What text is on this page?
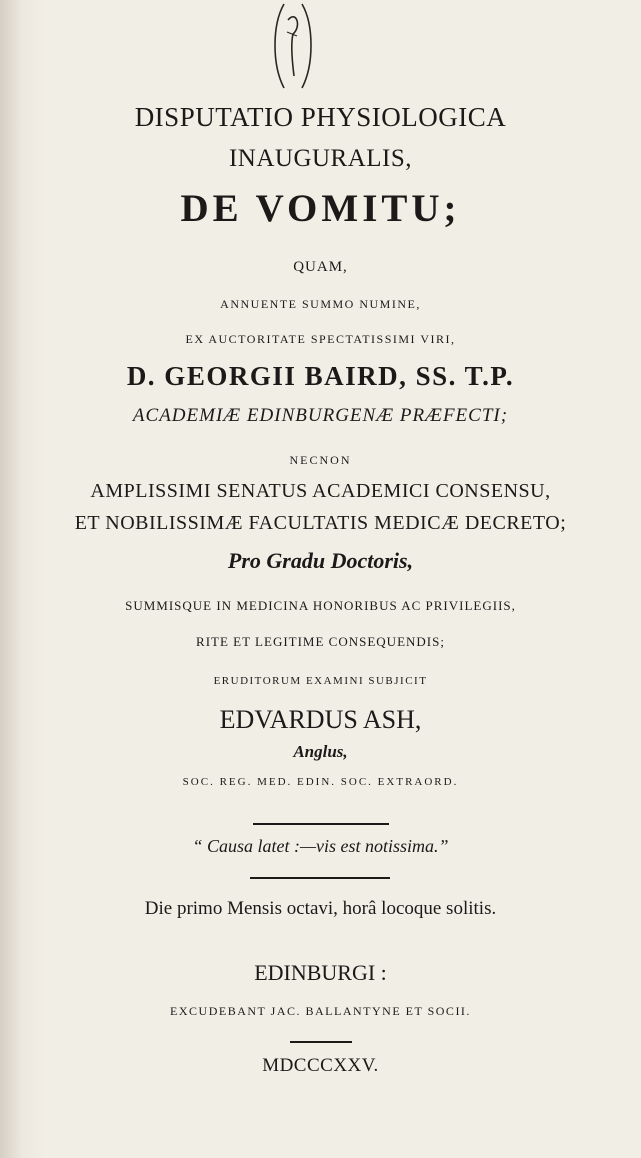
DISPUTATIO PHYSIOLOGICA
INAUGURALIS,
DE VOMITU;
QUAM,
ANNUENTE SUMMO NUMINE,
EX AUCTORITATE SPECTATISSIMI VIRI,
D. GEORGII BAIRD, SS. T.P.
ACADEMIÆ EDINBURGENÆ PRÆFECTI;
NECNON
AMPLISSIMI SENATUS ACADEMICI CONSENSU,
ET NOBILISSIMÆ FACULTATIS MEDICÆ DECRETO;
Pro Gradu Doctoris,
SUMMISQUE IN MEDICINA HONORIBUS AC PRIVILEGIIS,
RITE ET LEGITIME CONSEQUENDIS;
ERUDITORUM EXAMINI SUBJICIT
EDVARDUS ASH,
Anglus,
SOC. REG. MED. EDIN. SOC. EXTRAORD.
“ Causa latet :—vis est notissima.”
Die primo Mensis octavi, horâ locoque solitis.
EDINBURGI :
EXCUDEBANT JAC. BALLANTYNE ET SOCII.
MDCCCXXV.
